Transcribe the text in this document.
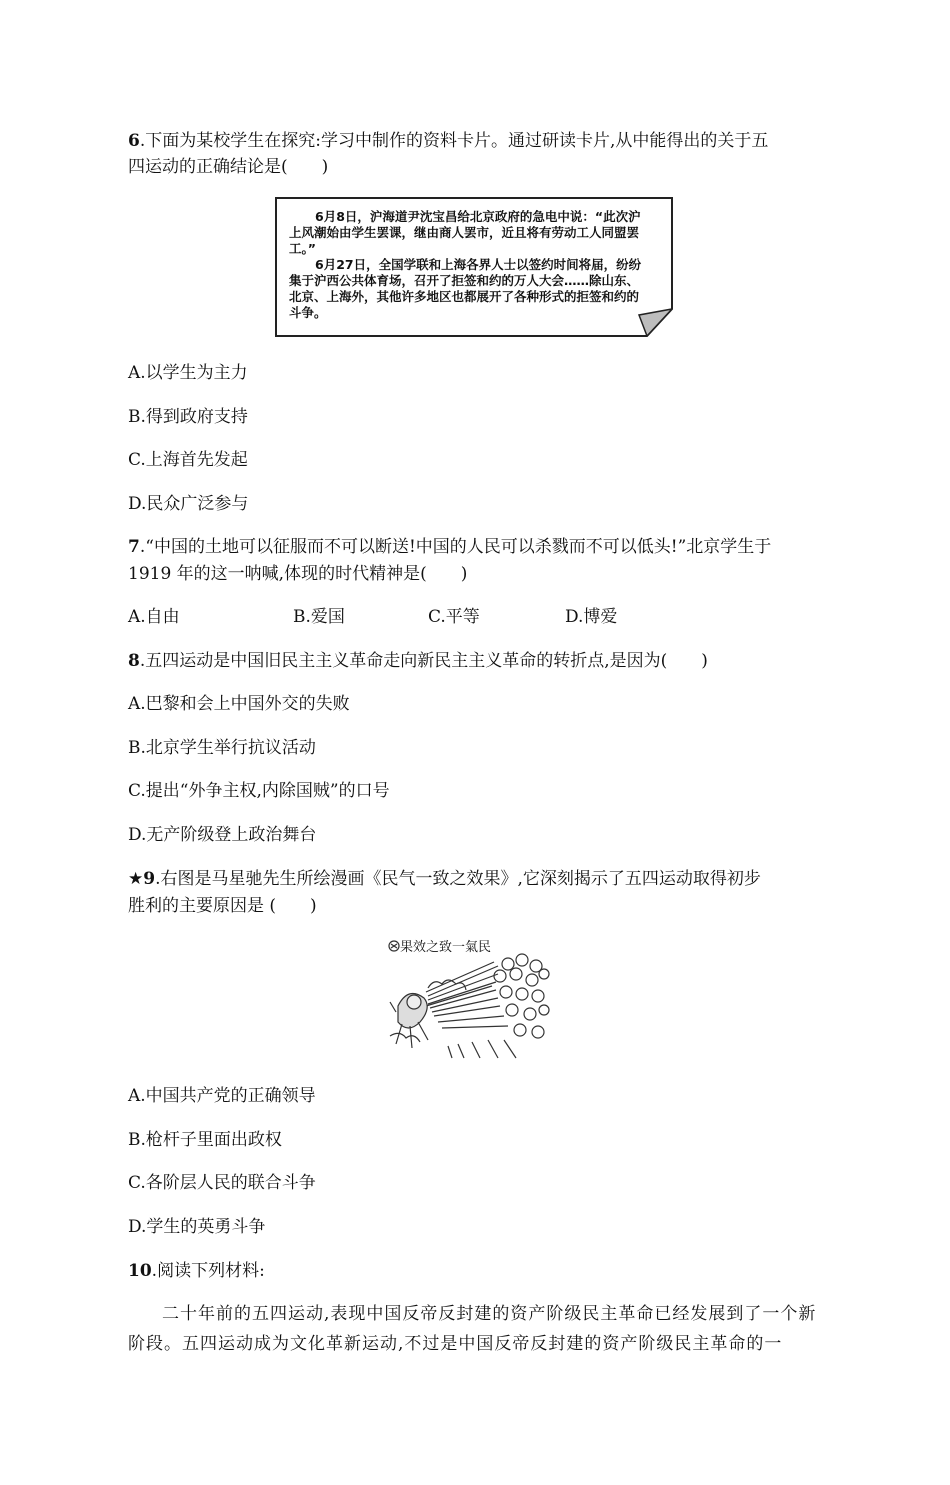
6.下面为某校学生在探究:学习中制作的资料卡片。通过研读卡片,从中能得出的关于五
四运动的正确结论是(　　)

6月8日，沪海道尹沈宝昌给北京政府的急电中说：“此次沪上风潮始由学生罢课，继由商人罢市，近且将有劳动工人同盟罢工。”

6月27日，全国学联和上海各界人士以签约时间将届，纷纷集于沪西公共体育场，召开了拒签和约的万人大会……除山东、北京、上海外，其他许多地区也都展开了各种形式的拒签和约的斗争。

A.以学生为主力
B.得到政府支持
C.上海首先发起
D.民众广泛参与
7.“中国的土地可以征服而不可以断送!中国的人民可以杀戮而不可以低头!”北京学生于
1919 年的这一呐喊,体现的时代精神是(　　)
A.自由	B.爱国	C.平等	D.博爱
8.五四运动是中国旧民主主义革命走向新民主主义革命的转折点,是因为(　　)
A.巴黎和会上中国外交的失败
B.北京学生举行抗议活动
C.提出“外争主权,内除国贼”的口号
D.无产阶级登上政治舞台
★9.右图是马星驰先生所绘漫画《民气一致之效果》,它深刻揭示了五四运动取得初步
胜利的主要原因是 (　　)
果效之致一氣民
A.中国共产党的正确领导
B.枪杆子里面出政权
C.各阶层人民的联合斗争
D.学生的英勇斗争
10.阅读下列材料:
二十年前的五四运动,表现中国反帝反封建的资产阶级民主革命已经发展到了一个新阶段。五四运动成为文化革新运动,不过是中国反帝反封建的资产阶级民主革命的一
